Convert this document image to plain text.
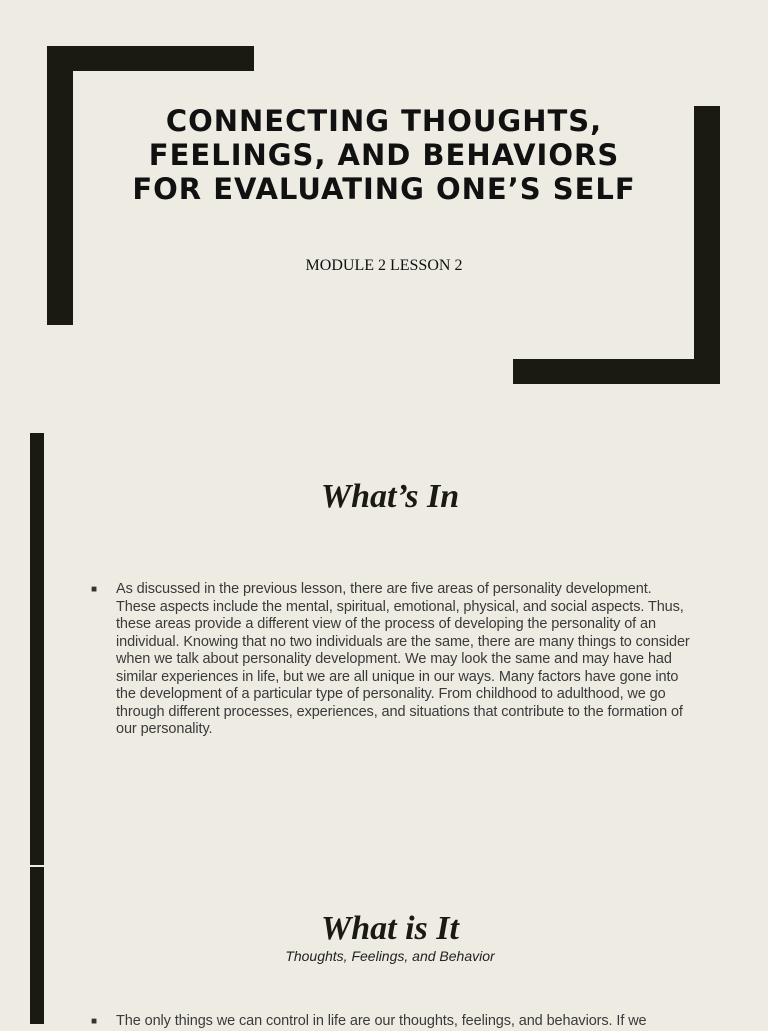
CONNECTING THOUGHTS, FEELINGS, AND BEHAVIORS FOR EVALUATING ONE’S SELF
MODULE 2 LESSON 2
What’s In
■ As discussed in the previous lesson, there are five areas of personality development. These aspects include the mental, spiritual, emotional, physical, and social aspects. Thus, these areas provide a different view of the process of developing the personality of an individual. Knowing that no two individuals are the same, there are many things to consider when we talk about personality development. We may look the same and may have had similar experiences in life, but we are all unique in our ways. Many factors have gone into the development of a particular type of personality. From childhood to adulthood, we go through different processes, experiences, and situations that contribute to the formation of our personality.

What is It
Thoughts, Feelings, and Behavior
■ The only things we can control in life are our thoughts, feelings, and behaviors. If we
